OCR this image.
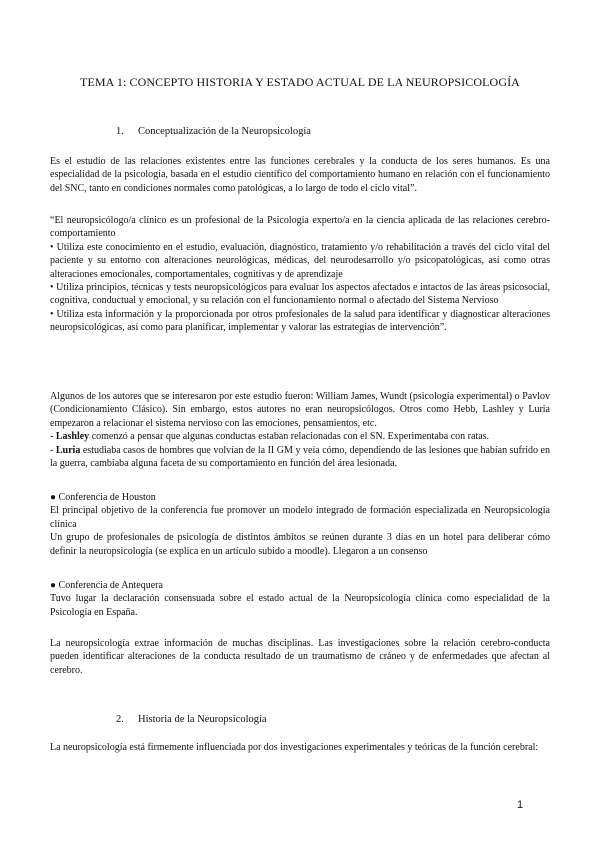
TEMA 1: CONCEPTO HISTORIA Y ESTADO ACTUAL DE LA NEUROPSICOLOGÍA
1. Conceptualización de la Neuropsicología

Es el estudio de las relaciones existentes entre las funciones cerebrales y la conducta de los seres humanos. Es una especialidad de la psicología, basada en el estudio científico del comportamiento humano en relación con el funcionamiento del SNC, tanto en condiciones normales como patológicas, a lo largo de todo el ciclo vital”.

“El neuropsicólogo/a clínico es un profesional de la Psicología experto/a en la ciencia aplicada de las relaciones cerebro-comportamiento

• Utiliza este conocimiento en el estudio, evaluación, diagnóstico, tratamiento y/o rehabilitación a través del ciclo vital del paciente y su entorno con alteraciones neurológicas, médicas, del neurodesarrollo y/o psicopatológicas, así como otras alteraciones emocionales, comportamentales, cognitivas y de aprendizaje

• Utiliza principios, técnicas y tests neuropsicológicos para evaluar los aspectos afectados e intactos de las áreas psicosocial, cognitiva, conductual y emocional, y su relación con el funcionamiento normal o afectado del Sistema Nervioso

• Utiliza esta información y la proporcionada por otros profesionales de la salud para identificar y diagnosticar alteraciones neuropsicológicas, así como para planificar, implementar y valorar las estrategias de intervención”.

Algunos de los autores que se interesaron por este estudio fueron: William James, Wundt (psicología experimental) o Pavlov (Condicionamiento Clásico). Sin embargo, estos autores no eran neuropsicólogos. Otros como Hebb, Lashley y Luria empezaron a relacionar el sistema nervioso con las emociones, pensamientos, etc.

- Lashley comenzó a pensar que algunas conductas estaban relacionadas con el SN. Experimentaba con ratas.

- Luria estudiaba casos de hombres que volvían de la II GM y veía cómo, dependiendo de las lesiones que habían sufrido en la guerra, cambiaba alguna faceta de su comportamiento en función del área lesionada.

● Conferencia de Houston

El principal objetivo de la conferencia fue promover un modelo integrado de formación especializada en Neuropsicología clínica

Un grupo de profesionales de psicología de distintos ámbitos se reúnen durante 3 días en un hotel para deliberar cómo definir la neuropsicología (se explica en un artículo subido a moodle). Llegaron a un consenso

● Conferencia de Antequera

Tuvo lugar la declaración consensuada sobre el estado actual de la Neuropsicología clínica como especialidad de la Psicología en España.

La neuropsicología extrae información de muchas disciplinas. Las investigaciones sobre la relación cerebro-conducta pueden identificar alteraciones de la conducta resultado de un traumatismo de cráneo y de enfermedades que afectan al cerebro.

2. Historia de la Neuropsicología

La neuropsicología está firmemente influenciada por dos investigaciones experimentales y teóricas de la función cerebral:

1
